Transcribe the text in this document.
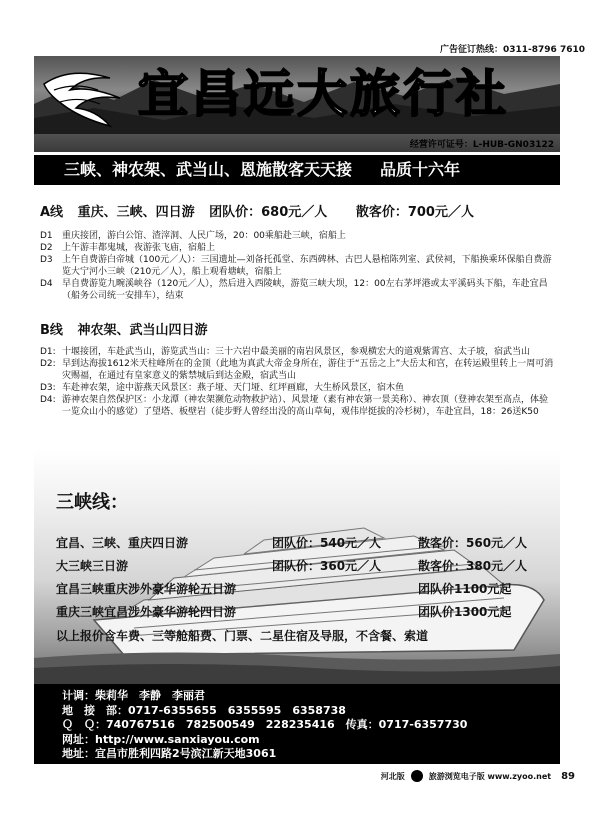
广告征订热线：0311-8796 7610
宜昌远大旅行社
经营许可证号：L-HUB-GN03122
三峡、神农架、武当山、恩施散客天天接 品质十六年
A线 重庆、三峡、四日游 团队价：680元／人 散客价：700元／人
D1	重庆接团，游白公馆、渣滓洞、人民广场，20：00乘船赴三峡，宿船上
D2	上午游丰都鬼城，夜游张飞庙，宿船上
D3	上午自费游白帝城（100元／人）：三国遗址—刘备托孤堂、东西碑林、古巴人悬棺陈列室、武侯祠，下船换乘环保船自费游览大宁河小三峡（210元／人），船上观看塘峡，宿船上
D4	早自费游览九畹溪峡谷（120元／人），然后进入西陵峡，游览三峡大坝，12：00左右茅坪港或太平溪码头下船，车赴宜昌（船务公司统一安排车），结束
B线 神农架、武当山四日游
D1: 十堰接团，车赴武当山，游览武当山：三十六岩中最美丽的南岩风景区，参观横宏大的道观紫霄宫、太子坡，宿武当山
D2: 早到达海拔1612米天柱峰所在的金顶（此地为真武大帝金身所在，游住于“五岳之上”大岳太和宫，在转运殿里转上一周可消灾赐福，在通过有皇家意义的紫禁城后到达金殿，宿武当山
D3: 车赴神农架，途中游燕天风景区：燕子垭、天门垭、红坪画廊，大生桥风景区，宿木鱼
D4: 游神农架自然保护区：小龙潭（神农架濒危动物救护站）、风景垭（素有神农第一景美称）、神农顶（登神农架至高点，体验一览众山小的感觉）了望塔、板壁岩（徒步野人曾经出没的高山草甸，观伟岸挺拔的冷杉树），车赴宜昌，18：26送K50
三峡线：
宜昌、三峡、重庆四日游	团队价：540元／人	散客价：560元／人
大三峡三日游	团队价：360元／人	散客价：380元／人
宜昌三峡重庆涉外豪华游轮五日游	团队价1100元起
重庆三峡宜昌涉外豪华游轮四日游	团队价1300元起
以上报价含车费、三等舱船费、门票、二星住宿及导服，不含餐、索道
计调：柴莉华　李静　李丽君
地　接　部：0717-6355655　6355595　6358738
Ｑ　Ｑ：740767516　782500549　228235416　传真：0717-6357730
网址：http://www.sanxiayou.com
地址：宜昌市胜利四路2号滨江新天地3061
河北版	旅游浏览电子版 www.zyoo.net 89
